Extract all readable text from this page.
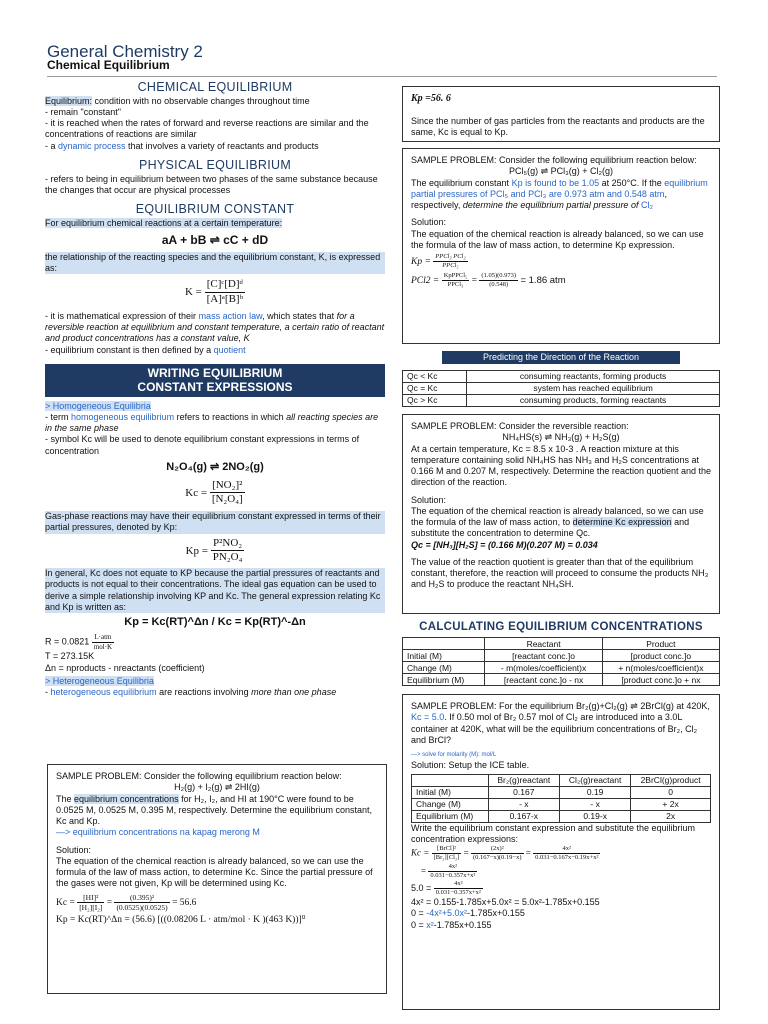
General Chemistry 2
Chemical Equilibrium

CHEMICAL EQUILIBRIUM

Equilibrium: condition with no observable changes throughout time

- remain "constant"

- it is reached when the rates of forward and reverse reactions are similar and the concentrations of reactions are similar

- a dynamic process that involves a variety of reactants and products

PHYSICAL EQUILIBRIUM

- refers to being in equilibrium between two phases of the same substance because the changes that occur are physical processes

EQUILIBRIUM CONSTANT

For equilibrium chemical reactions at a certain temperature:

aA + bB ⇌ cC + dD

the relationship of the reacting species and the equilibrium constant, K, is expressed as:

$K = \frac{\text{[C]ᶜ[D]ᵈ}}{\text{[A]ᵃ[B]ᵇ}}$

- it is mathematical expression of their mass action law, which states that for a reversible reaction at equilibrium and constant temperature, a certain ratio of reactant and product concentrations has a constant value, K

- equilibrium constant is then defined by a quotient

WRITING EQUILIBRIUM
CONSTANT EXPRESSIONS

> Homogeneous Equilibria

- term homogeneous equilibrium refers to reactions in which all reacting species are in the same phase

- symbol Kc will be used to denote equilibrium constant expressions in terms of concentration

N₂O₄(g) ⇌ 2NO₂(g)

$Kc = \frac{\text{[NO₂]²}}{\text{[N₂O₄]}}$

Gas-phase reactions may have their equilibrium constant expressed in terms of their partial pressures, denoted by Kp:

$Kp = \frac{\text{P²NO₂}}{\text{PN₂O₄}}$

In general, Kc does not equate to KP because the partial pressures of reactants and products is not equal to their concentrations. The ideal gas equation can be used to derive a simple relationship involving KP and Kc. The general expression relating Kc and Kp is written as:

Kp = Kc(RT)^Δn / Kc = Kp(RT)^-Δn

$R = 0.0821 \frac{\text{L·atm}}{\text{mol·K}}$

T = 273.15K

Δn = nproducts - nreactants (coefficient)

> Heterogeneous Equilibria

- heterogeneous equilibrium are reactions involving more than one phase

SAMPLE PROBLEM: Consider the following equilibrium reaction below:

H₂(g) + I₂(g) ⇌ 2HI(g)

The equilibrium concentrations for H₂, I₂, and HI at 190°C were found to be 0.0525 M, 0.0525 M, 0.395 M, respectively. Determine the equilibrium constant, Kc and Kp.

—> equilibrium concentrations na kapag merong M

Solution:

The equation of the chemical reaction is already balanced, so we can use the formula of the law of mass action, to determine Kc. Since the partial pressure of the gases were not given, Kp will be determined using Kc.

$Kc = \frac{\text{[HI]²}}{\text{[H₂][I₂]}} = \frac{\text{(0.395)²}}{(0.0525)(0.0525)} = 56.6$

Kp = Kc(RT)^Δn = (56.6) [((0.08206 L · atm/mol · K )(463 K))]⁰

Kp =56. 6

Since the number of gas particles from the reactants and products are the same, Kc is equal to Kp.

SAMPLE PROBLEM: Consider the following equilibrium reaction below:

PCl₅(g) ⇌ PCl₃(g) + Cl₂(g)

The equilibrium constant Kp is found to be 1.05 at 250°C. If the equilibrium partial pressures of PCl₅ and PCl₃ are 0.973 atm and 0.548 atm, respectively, determine the equilibrium partial pressure of Cl₂

Solution:

The equation of the chemical reaction is already balanced, so we can use the formula of the law of mass action, to determine Kp expression.

$Kp = \frac{\text{PPCl₃ PCl₂}}{\text{PPCl₅}}$

$PCl2 = \frac{\text{KpPPCl₅}}{\text{PPCl₃}} = \frac{(1.05)(0.973)}{(0.548)} = 1.86$ atm

Predicting the Direction of the Reaction
Qc < Kc	consuming reactants, forming products
Qc = Kc	system has reached equilibrium
Qc > Kc	consuming products, forming reactants

SAMPLE PROBLEM: Consider the reversible reaction:

NH₄HS(s) ⇌ NH₃(g) + H₂S(g)

At a certain temperature, Kc = 8.5 x 10-3 . A reaction mixture at this temperature containing solid NH₄HS has NH₃ and H₂S concentrations at 0.166 M and 0.207 M, respectively. Determine the reaction quotient and the direction of the reaction.

Solution:

The equation of the chemical reaction is already balanced, so we can use the formula of the law of mass action, to determine Kc expression and substitute the concentration to determine Qc.

Qc = [NH₃][H₂S] = (0.166 M)(0.207 M) = 0.034

The value of the reaction quotient is greater than that of the equilibrium constant, therefore, the reaction will proceed to consume the products NH₃ and H₂S to produce the reactant NH₄SH.

CALCULATING EQUILIBRIUM CONCENTRATIONS

	Reactant	Product
Initial (M)	[reactant conc.]o	[product conc.]o
Change (M)	- m(moles/coefficient)x	+ n(moles/coefficient)x
Equilibrium (M)	[reactant conc.]o - nx	[product conc.]o + nx

SAMPLE PROBLEM: For the equilibrium Br₂(g)+Cl₂(g) ⇌ 2BrCl(g) at 420K, Kc = 5.0. If 0.50 mol of Br₂ 0.57 mol of Cl₂ are introduced into a 3.0L container at 420K, what will be the equilibrium concentrations of Br₂, Cl₂ and BrCl?

—> solve for molarity (M): mol/L

Solution: Setup the ICE table.

	Br₂(g)reactant	Cl₂(g)reactant	2BrCl(g)product
Initial (M)	0.167	0.19	0
Change (M)	- x	- x	+ 2x
Equilibrium (M)	0.167-x	0.19-x	2x

Write the equilibrium constant expression and substitute the equilibrium concentration expressions:

$Kc = \frac{\text{[BrCl]²}}{\text{[Br₂][Cl₂]}} = \frac{\text{(2x)²}}{(0.167-x)(0.19-x)} = \frac{\text{4x²}}{\text{0.031−0.167x−0.19x+x²}}$

= $\frac{\text{4x²}}{\text{0.031−0.357x+x²}}$

$5.0 = \frac{\text{4x²}}{\text{0.031−0.357x+x²}}$

4x² = 0.155-1.785x+5.0x² = 5.0x²-1.785x+0.155

0 = -4x²+5.0x²-1.785x+0.155

0 = x²-1.785x+0.155
